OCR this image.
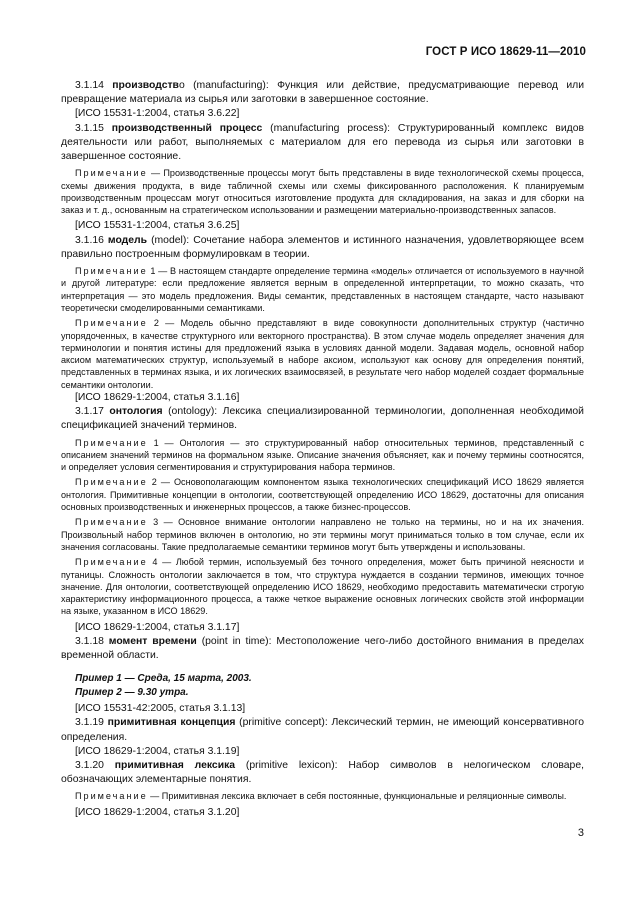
ГОСТ Р ИСО 18629-11—2010

3.1.14 производство (manufacturing): Функция или действие, предусматривающие перевод или превращение материала из сырья или заготовки в завершенное состояние.

[ИСО 15531-1:2004, статья 3.6.22]

3.1.15 производственный процесс (manufacturing process): Структурированный комплекс видов деятельности или работ, выполняемых с материалом для его перевода из сырья или заготовки в завершенное состояние.

Примечание — Производственные процессы могут быть представлены в виде технологической схемы процесса, схемы движения продукта, в виде табличной схемы или схемы фиксированного расположения. К планируемым производственным процессам могут относиться изготовление продукта для складирования, на заказ и для сборки на заказ и т. д., основанным на стратегическом использовании и размещении материально-производственных запасов.

[ИСО 15531-1:2004, статья 3.6.25]

3.1.16 модель (model): Сочетание набора элементов и истинного назначения, удовлетворяющее всем правильно построенным формулировкам в теории.

Примечание 1 — В настоящем стандарте определение термина «модель» отличается от используемого в научной и другой литературе: если предложение является верным в определенной интерпретации, то можно сказать, что интерпретация — это модель предложения. Виды семантик, представленных в настоящем стандарте, часто называют теоретически смоделированными семантиками.

Примечание 2 — Модель обычно представляют в виде совокупности дополнительных структур (частично упорядоченных, в качестве структурного или векторного пространства). В этом случае модель определяет значения для терминологии и понятия истины для предложений языка в условиях данной модели. Задавая модель, основной набор аксиом математических структур, используемый в наборе аксиом, используют как основу для определения понятий, представленных в терминах языка, и их логических взаимосвязей, в результате чего набор моделей создает формальные семантики онтологии.

[ИСО 18629-1:2004, статья 3.1.16]

3.1.17 онтология (ontology): Лексика специализированной терминологии, дополненная необходимой спецификацией значений терминов.

Примечание 1 — Онтология — это структурированный набор относительных терминов, представленный с описанием значений терминов на формальном языке. Описание значения объясняет, как и почему термины соотносятся, и определяет условия сегментирования и структурирования набора терминов.

Примечание 2 — Основополагающим компонентом языка технологических спецификаций ИСО 18629 является онтология. Примитивные концепции в онтологии, соответствующей определению ИСО 18629, достаточны для описания основных производственных и инженерных процессов, а также бизнес-процессов.

Примечание 3 — Основное внимание онтологии направлено не только на термины, но и на их значения. Произвольный набор терминов включен в онтологию, но эти термины могут приниматься только в том случае, если их значения согласованы. Такие предполагаемые семантики терминов могут быть утверждены и использованы.

Примечание 4 — Любой термин, используемый без точного определения, может быть причиной неясности и путаницы. Сложность онтологии заключается в том, что структура нуждается в создании терминов, имеющих точное значение. Для онтологии, соответствующей определению ИСО 18629, необходимо предоставить математически строгую характеристику информационного процесса, а также четкое выражение основных логических свойств этой информации на языке, указанном в ИСО 18629.

[ИСО 18629-1:2004, статья 3.1.17]

3.1.18 момент времени (point in time): Местоположение чего-либо достойного внимания в пределах временной области.

Пример 1 — Среда, 15 марта, 2003.

Пример 2 — 9.30 утра.

[ИСО 15531-42:2005, статья 3.1.13]

3.1.19 примитивная концепция (primitive concept): Лексический термин, не имеющий консервативного определения.

[ИСО 18629-1:2004, статья 3.1.19]

3.1.20 примитивная лексика (primitive lexicon): Набор символов в нелогическом словаре, обозначающих элементарные понятия.

Примечание — Примитивная лексика включает в себя постоянные, функциональные и реляционные символы.

[ИСО 18629-1:2004, статья 3.1.20]

3
